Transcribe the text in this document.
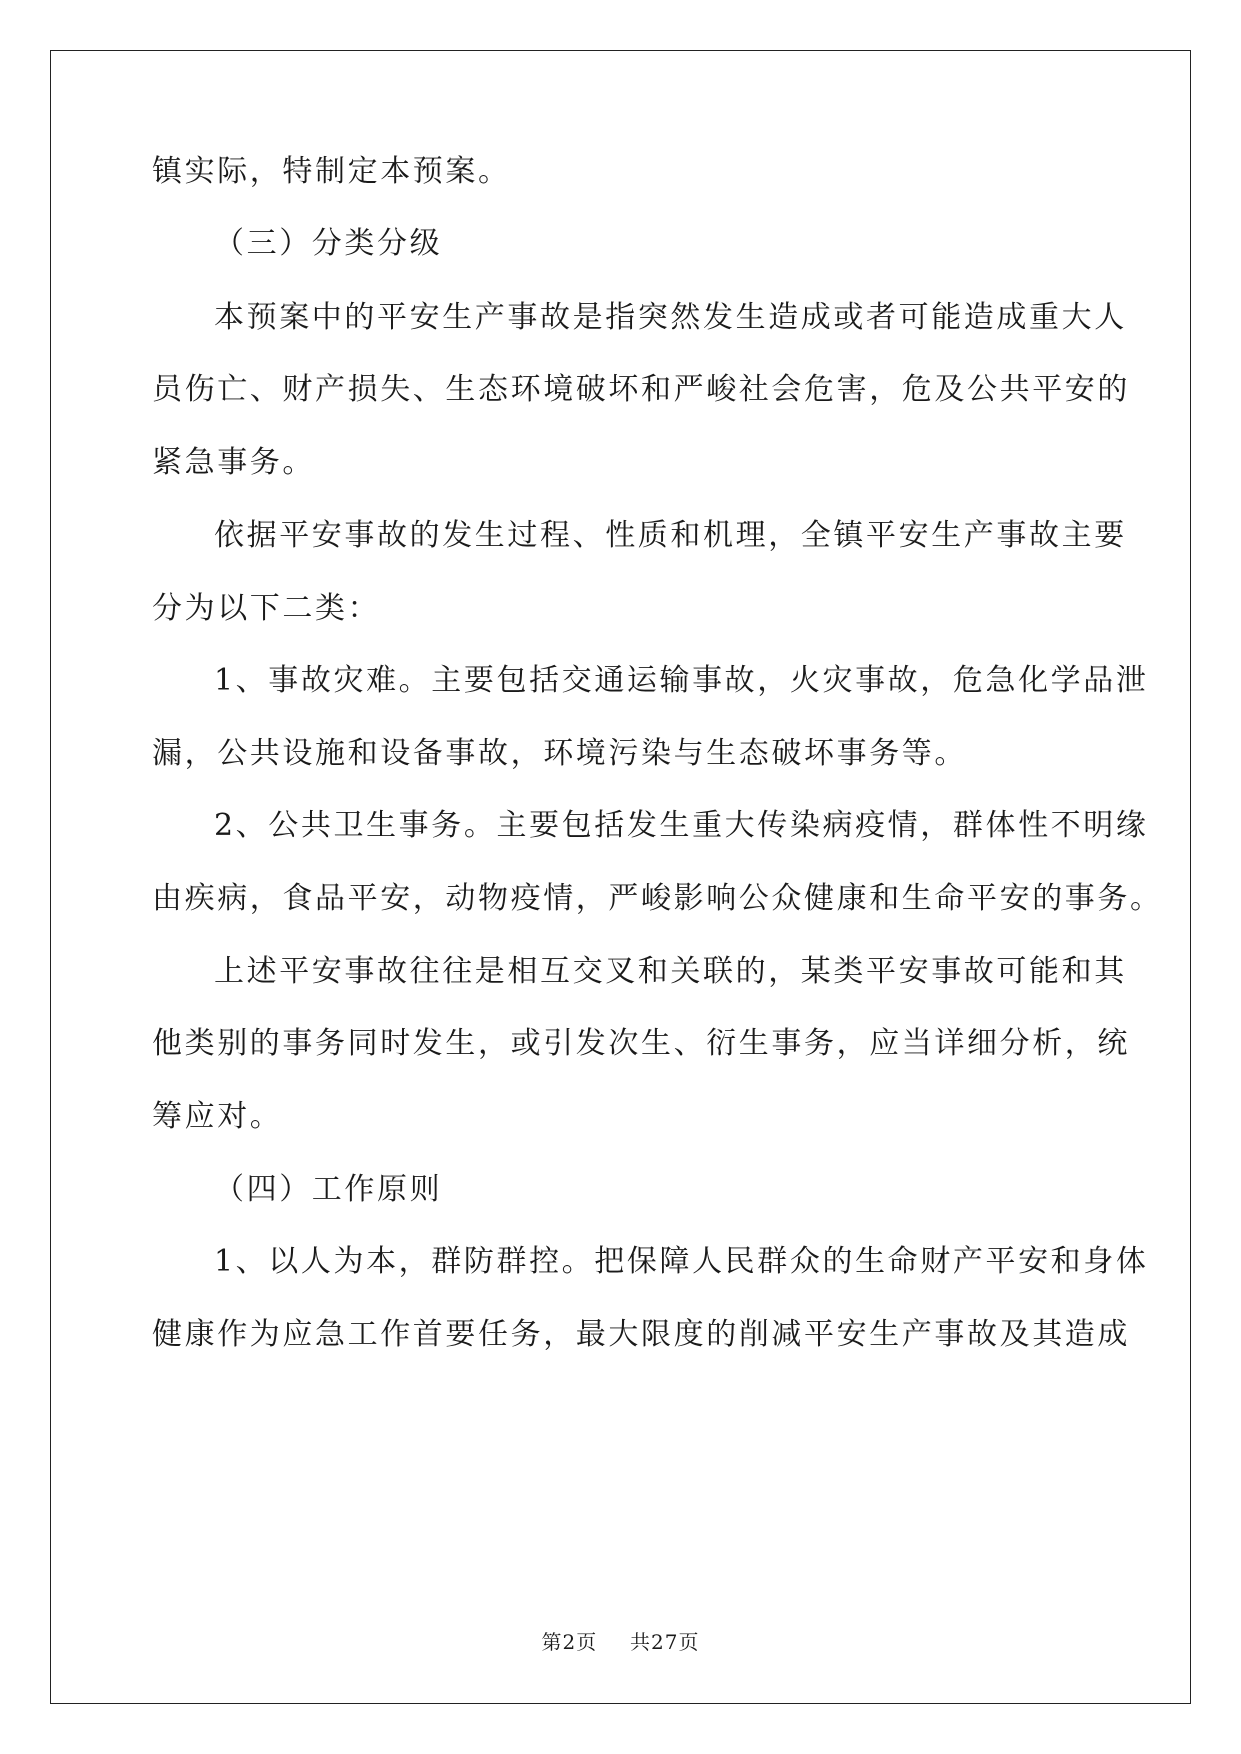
镇实际，特制定本预案。
（三）分类分级
本预案中的平安生产事故是指突然发生造成或者可能造成重大人
员伤亡、财产损失、生态环境破坏和严峻社会危害，危及公共平安的
紧急事务。
依据平安事故的发生过程、性质和机理，全镇平安生产事故主要
分为以下二类：
1、事故灾难。主要包括交通运输事故，火灾事故，危急化学品泄
漏，公共设施和设备事故，环境污染与生态破坏事务等。
2、公共卫生事务。主要包括发生重大传染病疫情，群体性不明缘
由疾病，食品平安，动物疫情，严峻影响公众健康和生命平安的事务。
上述平安事故往往是相互交叉和关联的，某类平安事故可能和其
他类别的事务同时发生，或引发次生、衍生事务，应当详细分析，统
筹应对。
（四）工作原则
1、以人为本，群防群控。把保障人民群众的生命财产平安和身体
健康作为应急工作首要任务，最大限度的削减平安生产事故及其造成
第2页 共27页
